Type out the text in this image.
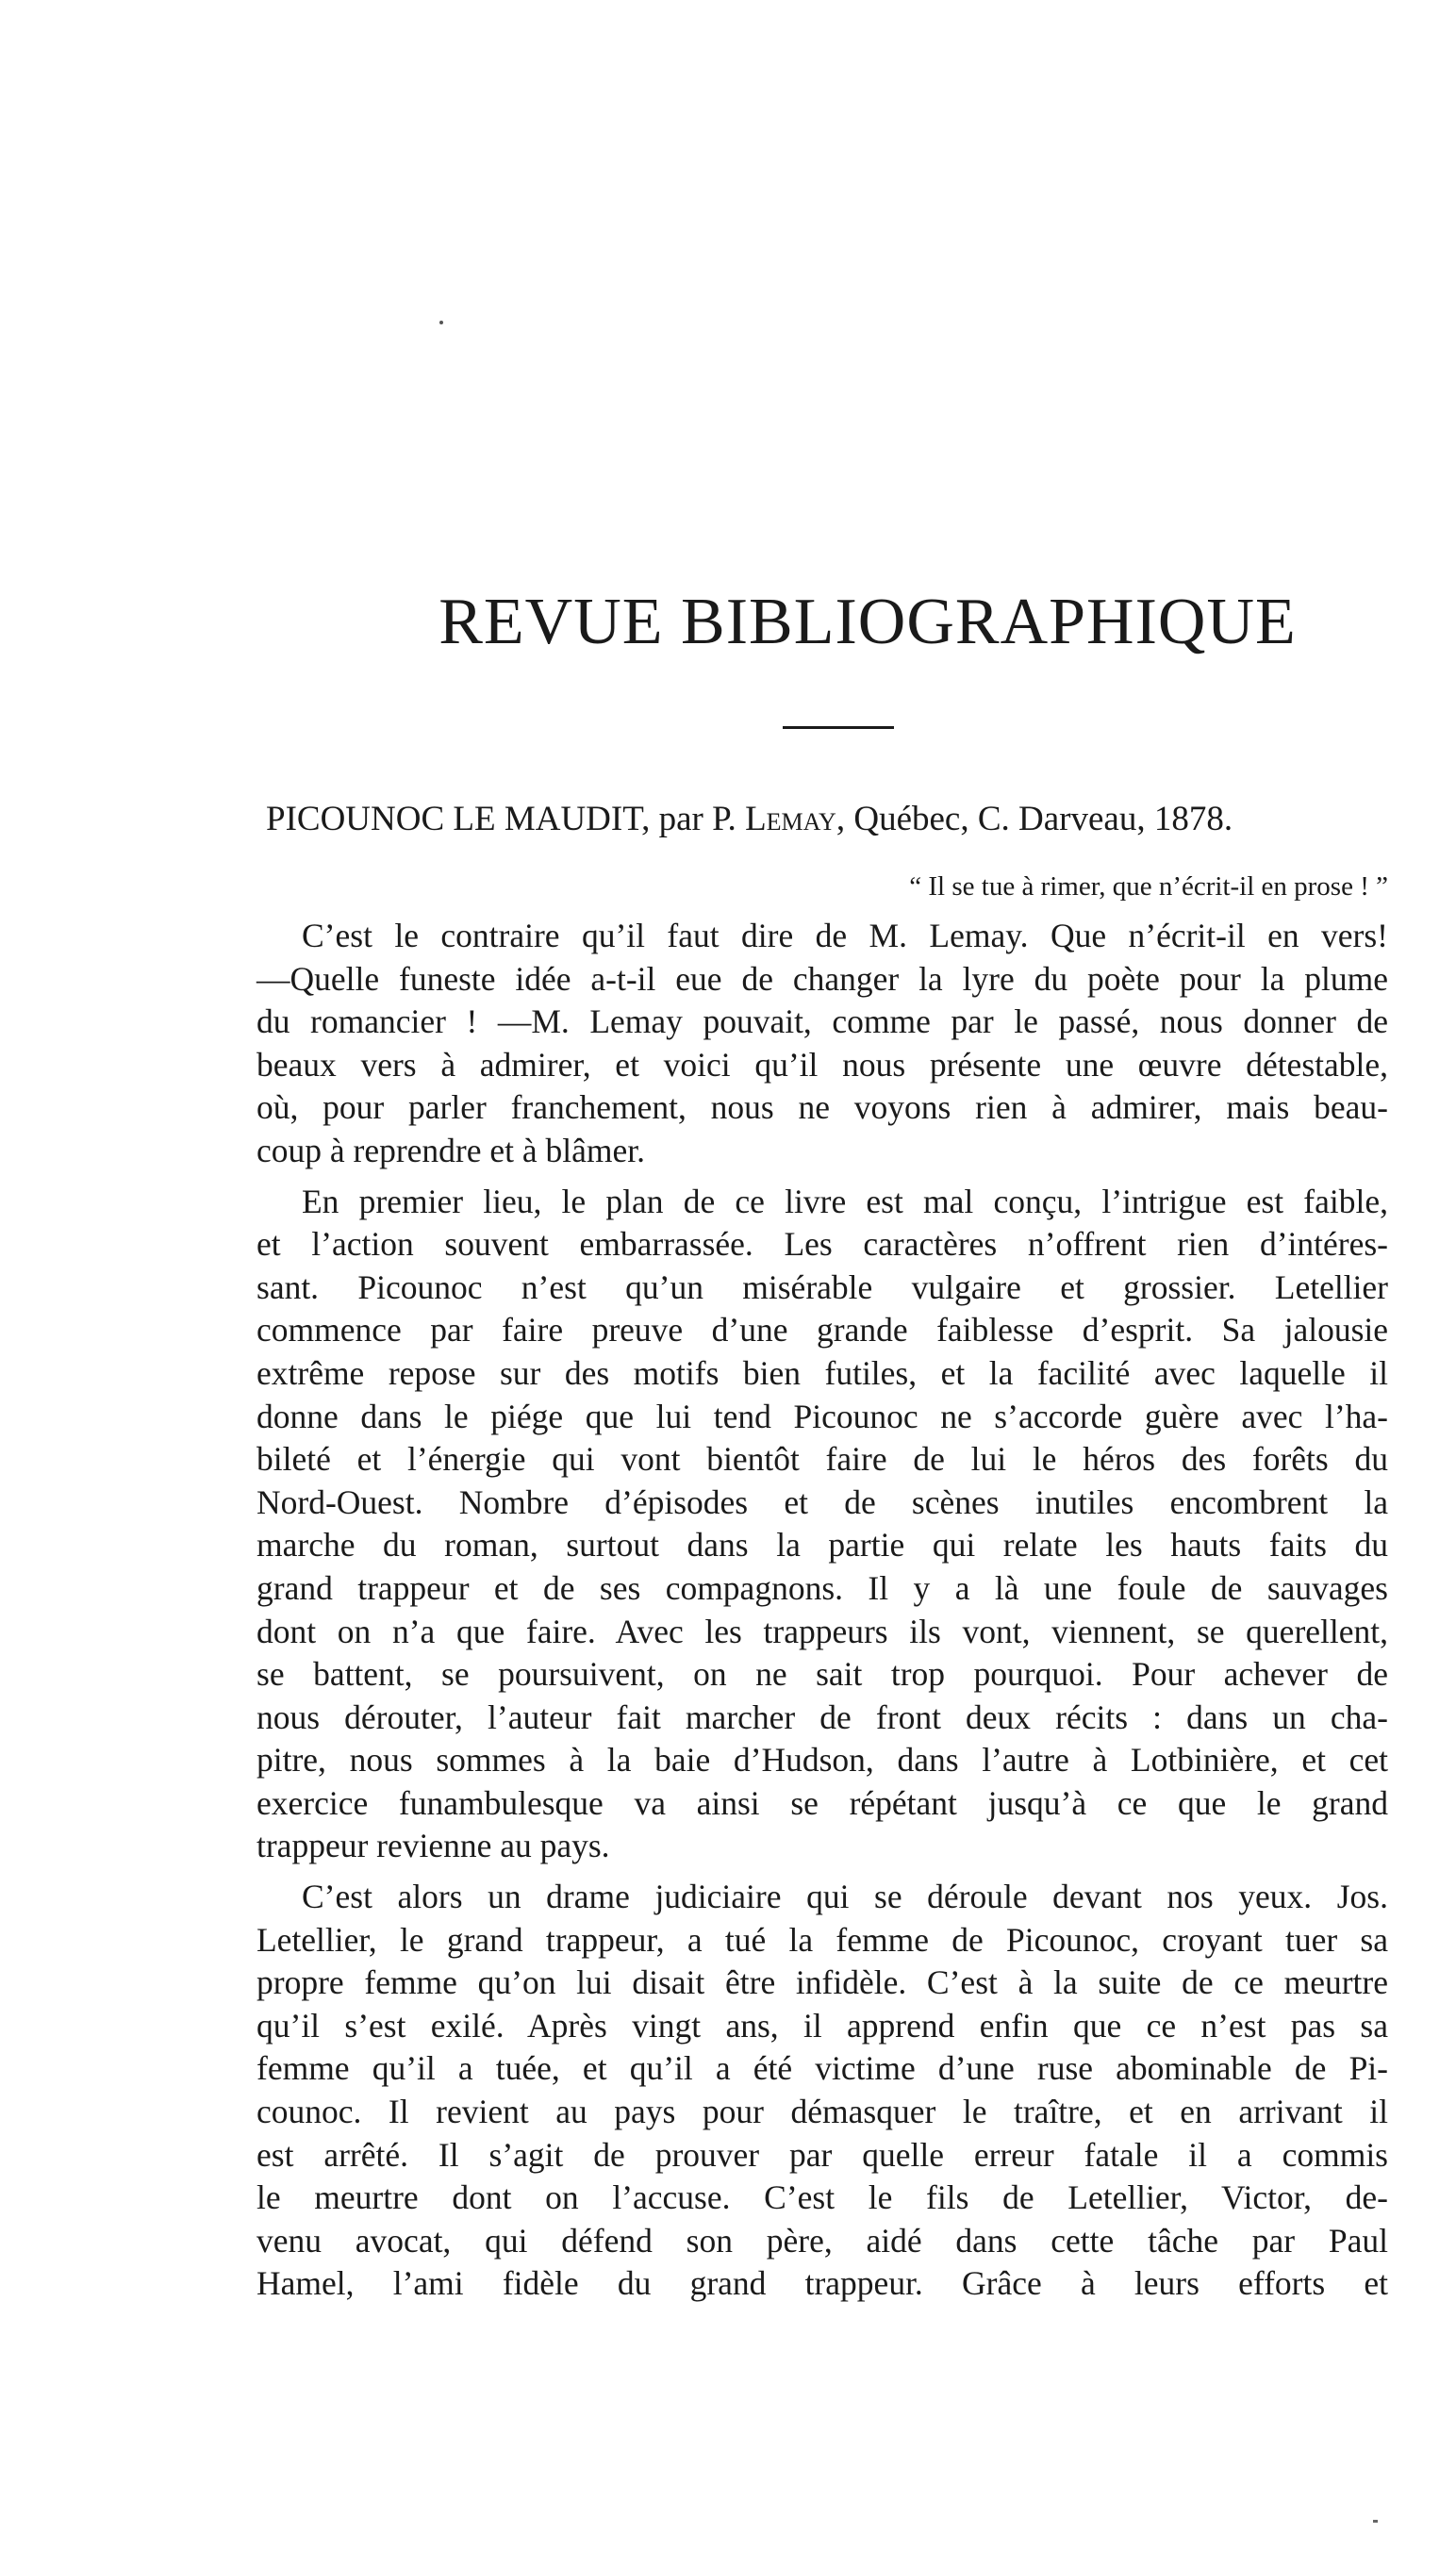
REVUE BIBLIOGRAPHIQUE
PICOUNOC LE MAUDIT, par P. Lemay, Québec, C. Darveau, 1878.
“ Il se tue à rimer, que n’écrit-il en prose ! ”

C’est le contraire qu’il faut dire de M. Lemay. Que n’écrit-il en vers!

—Quelle funeste idée a-t-il eue de changer la lyre du poète pour la plume

du romancier ! —M. Lemay pouvait, comme par le passé, nous donner de

beaux vers à admirer, et voici qu’il nous présente une œuvre détestable,

où, pour parler franchement, nous ne voyons rien à admirer, mais beau-

coup à reprendre et à blâmer.

En premier lieu, le plan de ce livre est mal conçu, l’intrigue est faible,

et l’action souvent embarrassée. Les caractères n’offrent rien d’intéres-

sant. Picounoc n’est qu’un misérable vulgaire et grossier. Letellier

commence par faire preuve d’une grande faiblesse d’esprit. Sa jalousie

extrême repose sur des motifs bien futiles, et la facilité avec laquelle il

donne dans le piége que lui tend Picounoc ne s’accorde guère avec l’ha-

bileté et l’énergie qui vont bientôt faire de lui le héros des forêts du

Nord-Ouest. Nombre d’épisodes et de scènes inutiles encombrent la

marche du roman, surtout dans la partie qui relate les hauts faits du

grand trappeur et de ses compagnons. Il y a là une foule de sauvages

dont on n’a que faire. Avec les trappeurs ils vont, viennent, se querellent,

se battent, se poursuivent, on ne sait trop pourquoi. Pour achever de

nous dérouter, l’auteur fait marcher de front deux récits : dans un cha-

pitre, nous sommes à la baie d’Hudson, dans l’autre à Lotbinière, et cet

exercice funambulesque va ainsi se répétant jusqu’à ce que le grand

trappeur revienne au pays.

C’est alors un drame judiciaire qui se déroule devant nos yeux. Jos.

Letellier, le grand trappeur, a tué la femme de Picounoc, croyant tuer sa

propre femme qu’on lui disait être infidèle. C’est à la suite de ce meurtre

qu’il s’est exilé. Après vingt ans, il apprend enfin que ce n’est pas sa

femme qu’il a tuée, et qu’il a été victime d’une ruse abominable de Pi-

counoc. Il revient au pays pour démasquer le traître, et en arrivant il

est arrêté. Il s’agit de prouver par quelle erreur fatale il a commis

le meurtre dont on l’accuse. C’est le fils de Letellier, Victor, de-

venu avocat, qui défend son père, aidé dans cette tâche par Paul

Hamel, l’ami fidèle du grand trappeur. Grâce à leurs efforts et
